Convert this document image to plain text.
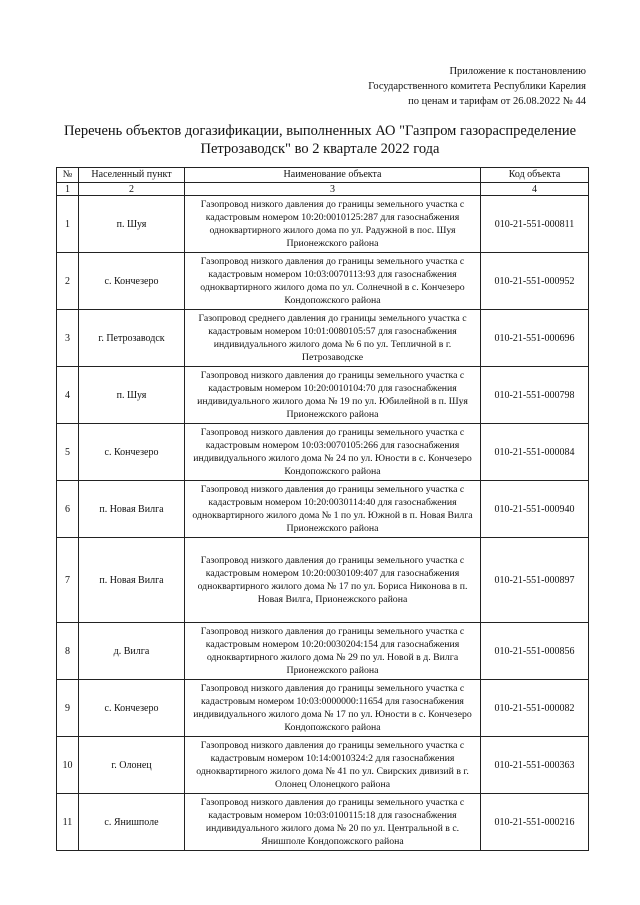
Приложение к постановлению
Государственного комитета Республики Карелия
по ценам и тарифам от 26.08.2022 № 44
Перечень объектов догазификации, выполненных АО "Газпром газораспределение
Петрозаводск" во 2 квартале 2022 года
№	Населенный пункт	Наименование объекта	Код объекта
1	2	3	4
1	п. Шуя	Газопровод низкого давления до границы земельного участка с кадастровым номером 10:20:0010125:287 для газоснабжения одноквартирного жилого дома по ул. Радужной в пос. Шуя Прионежского района	010-21-551-000811
2	с. Кончезеро	Газопровод низкого давления до границы земельного участка с кадастровым номером 10:03:0070113:93 для газоснабжения одноквартирного жилого дома по ул. Солнечной в с. Кончезеро Кондопожского района	010-21-551-000952
3	г. Петрозаводск	Газопровод среднего давления до границы земельного участка с кадастровым номером 10:01:0080105:57 для газоснабжения индивидуального жилого дома № 6 по ул. Тепличной в г. Петрозаводске	010-21-551-000696
4	п. Шуя	Газопровод низкого давления до границы земельного участка с кадастровым номером 10:20:0010104:70 для газоснабжения индивидуального жилого дома № 19 по ул. Юбилейной в п. Шуя Прионежского района	010-21-551-000798
5	с. Кончезеро	Газопровод низкого давления до границы земельного участка с кадастровым номером 10:03:0070105:266 для газоснабжения индивидуального жилого дома № 24 по ул. Юности в с. Кончезеро Кондопожского района	010-21-551-000084
6	п. Новая Вилга	Газопровод низкого давления до границы земельного участка с кадастровым номером 10:20:0030114:40 для газоснабжения одноквартирного жилого дома № 1 по ул. Южной в п. Новая Вилга Прионежского района	010-21-551-000940
7	п. Новая Вилга	Газопровод низкого давления до границы земельного участка с кадастровым номером 10:20:0030109:407 для газоснабжения одноквартирного жилого дома № 17 по ул. Бориса Никонова в п. Новая Вилга, Прионежского района	010-21-551-000897
8	д. Вилга	Газопровод низкого давления до границы земельного участка с кадастровым номером 10:20:0030204:154 для газоснабжения одноквартирного жилого дома № 29 по ул. Новой в д. Вилга Прионежского района	010-21-551-000856
9	с. Кончезеро	Газопровод низкого давления до границы земельного участка с кадастровым номером 10:03:0000000:11654 для газоснабжения индивидуального жилого дома № 17 по ул. Юности в с. Кончезеро Кондопожского района	010-21-551-000082
10	г. Олонец	Газопровод низкого давления до границы земельного участка с кадастровым номером 10:14:0010324:2 для газоснабжения одноквартирного жилого дома № 41 по ул. Свирских дивизий в г. Олонец Олонецкого района	010-21-551-000363
11	с. Янишполе	Газопровод низкого давления до границы земельного участка с кадастровым номером 10:03:0100115:18 для газоснабжения индивидуального жилого дома № 20 по ул. Центральной в с. Янишполе Кондопожского района	010-21-551-000216
